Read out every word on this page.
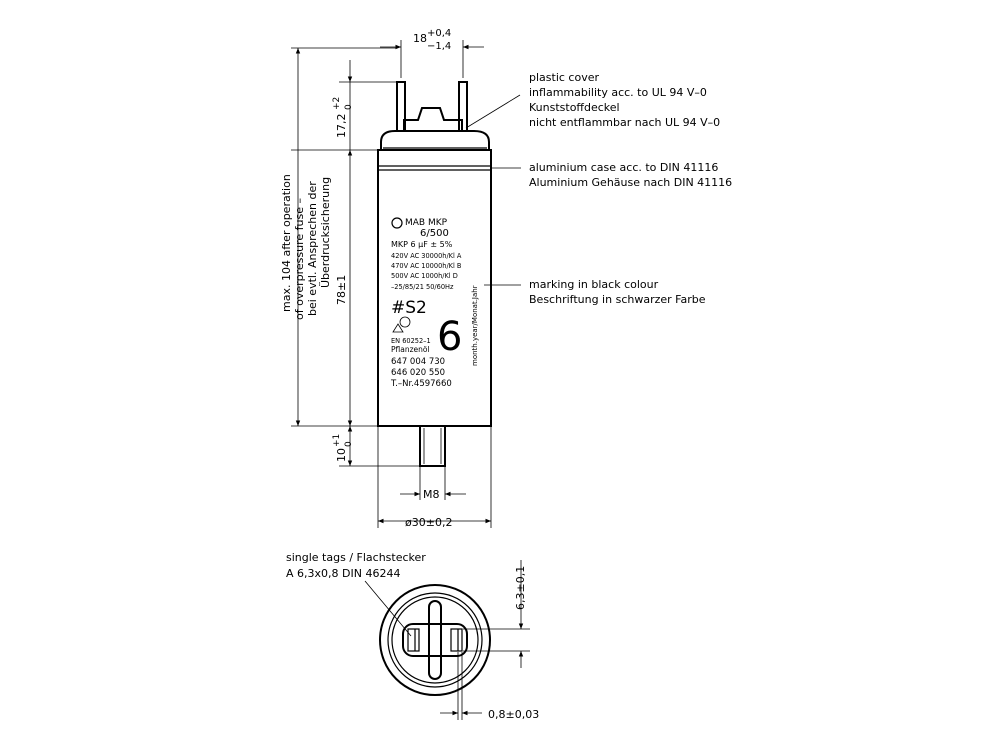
MAB MKP
6/500
MKP 6 µF ± 5%
420V AC 30000h/Kl A
470V AC 10000h/Kl B
500V AC 1000h/Kl D
–25/85/21 50/60Hz
#S2
6
EN 60252–1
Pflanzenöl
647 004 730
646 020 550
T.–Nr.4597660
month.year/Monat.Jahr
18 +0,4
−1,4
17,2
+2 0
78±1
10
+1 0
max. 104 after operation of overpressure fuse – bei evtl. Ansprechen der Überdrucksicherung
M8
ø30±0,2
plastic cover
inflammability acc. to UL 94 V–0
Kunststoffdeckel
nicht entflammbar nach UL 94 V–0
aluminium case acc. to DIN 41116
Aluminium Gehäuse nach DIN 41116
marking in black colour
Beschriftung in schwarzer Farbe
single tags / Flachstecker
A 6,3x0,8 DIN 46244	6,3±0,1
0,8±0,03
